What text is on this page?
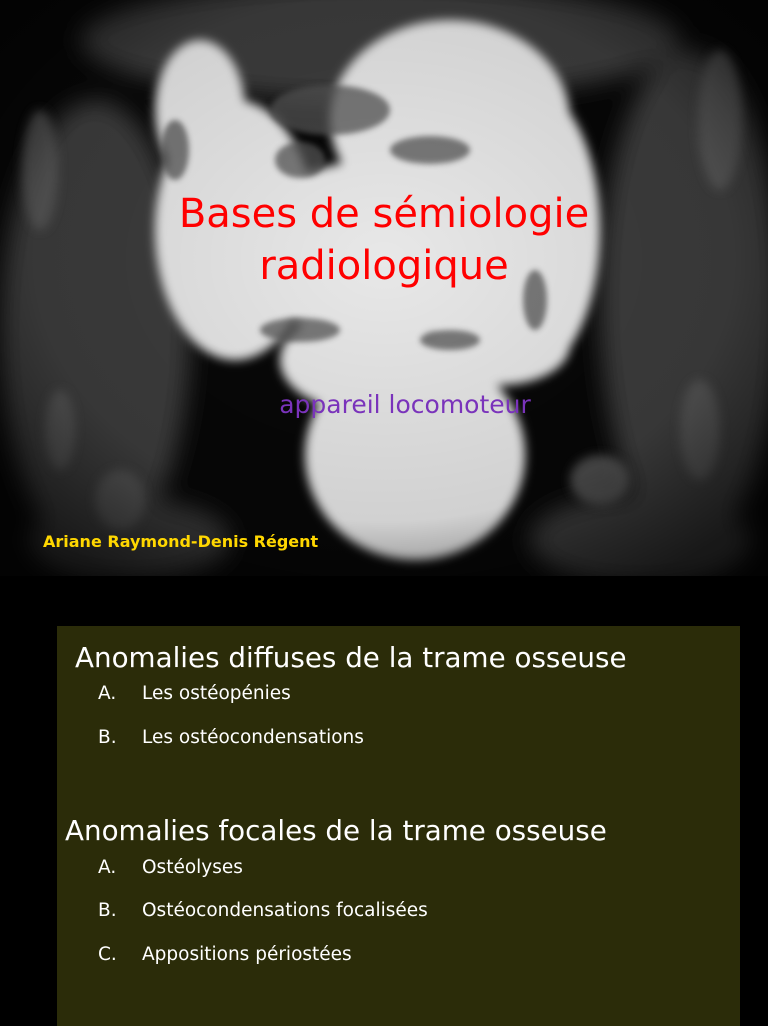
Bases de sémiologie
radiologique

appareil locomoteur

Ariane Raymond-Denis Régent

Anomalies diffuses de la trame osseuse

A. Les ostéopénies

B. Les ostéocondensations

Anomalies focales de la trame osseuse

A. Ostéolyses

B. Ostéocondensations focalisées

C. Appositions périostées
